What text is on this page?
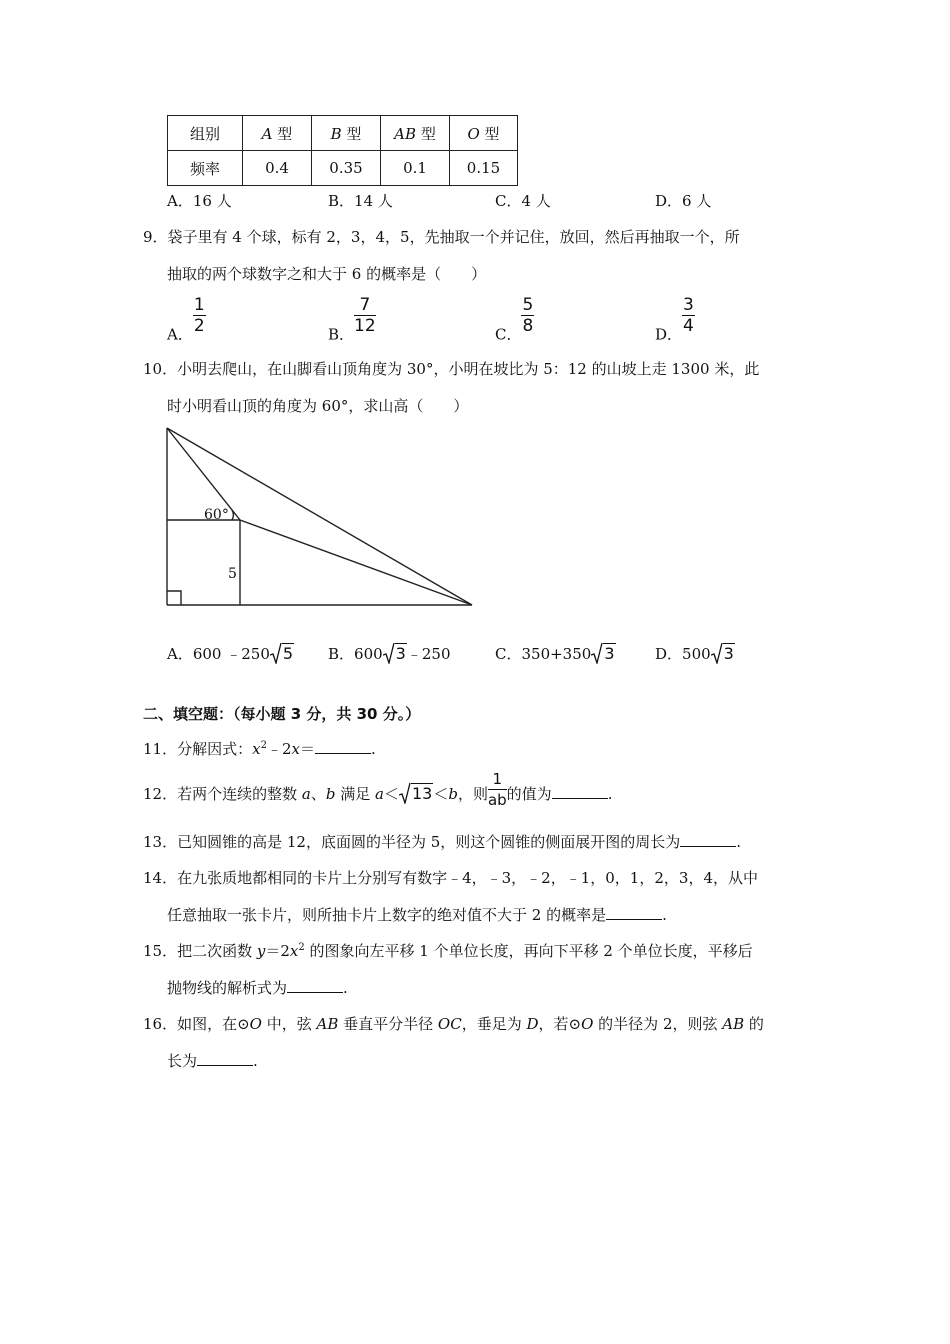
组别	A 型	B 型	AB 型	O 型
频率	0.4	0.35	0.1	0.15
A．16 人	B．14 人	C．4 人	D．6 人
9．袋子里有 4 个球，标有 2，3，4，5，先抽取一个并记住，放回，然后再抽取一个，所
抽取的两个球数字之和大于 6 的概率是（　　）
A． $\frac{1}{2}$	B． $\frac{7}{12}$	C． $\frac{5}{8}$	D． $\frac{3}{4}$
10．小明去爬山，在山脚看山顶角度为 30°，小明在坡比为 5：12 的山坡上走 1300 米，此
时小明看山顶的角度为 60°，求山高（　　）
60°
5
A．600 ﹣250 5 B．600 3﹣250	C．350+350 3	D．500 3
二、填空题：（每小题 3 分，共 30 分。）
11．分解因式：$x^2﹣2x=$	.
12．若两个连续的整数 a、b 满足 a＜ 13＜b，则 $\frac{1}{ab}$ 的值为	.
13．已知圆锥的高是 12，底面圆的半径为 5，则这个圆锥的侧面展开图的周长为	.
14．在九张质地都相同的卡片上分别写有数字﹣4，﹣3，﹣2，﹣1，0，1，2，3，4，从中
任意抽取一张卡片，则所抽卡片上数字的绝对值不大于 2 的概率是	.
15．把二次函数 $y=2x^2$ 的图象向左平移 1 个单位长度，再向下平移 2 个单位长度，平移后
抛物线的解析式为	.
16．如图，在⊙O 中，弦 AB 垂直平分半径 OC，垂足为 D，若⊙O 的半径为 2，则弦 AB 的
长为	.
